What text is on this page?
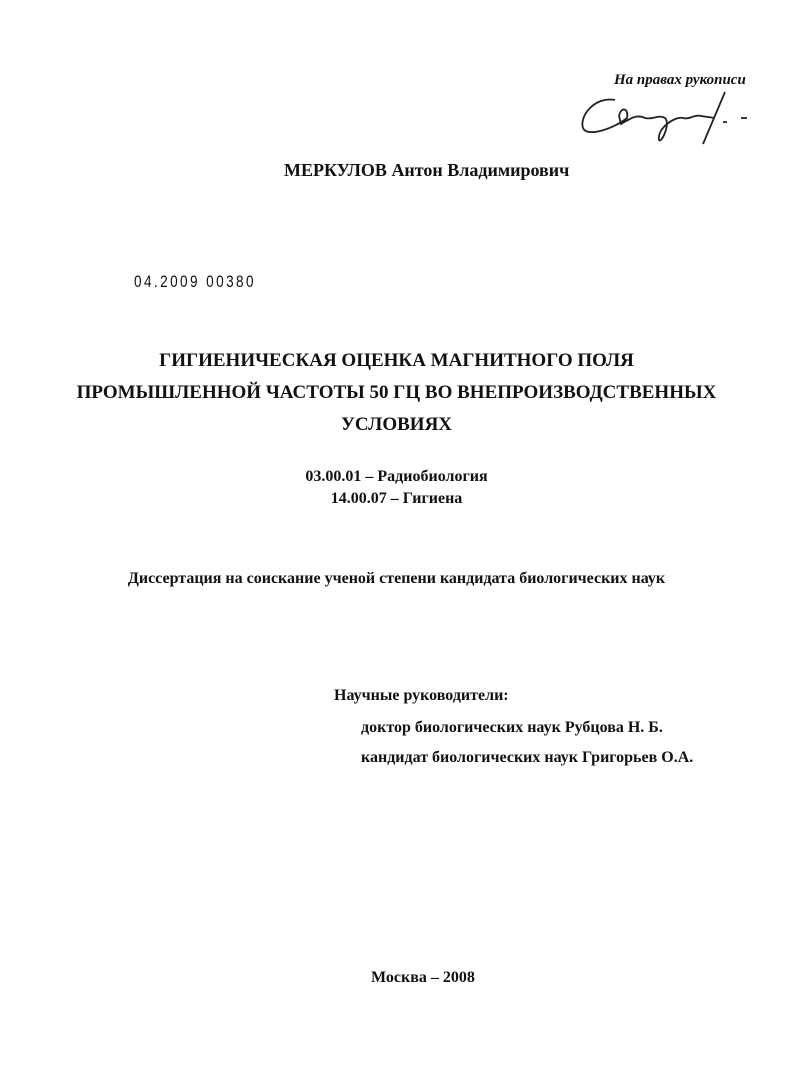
На правах рукописи
МЕРКУЛОВ Антон Владимирович
04.2009 00380
ГИГИЕНИЧЕСКАЯ ОЦЕНКА МАГНИТНОГО ПОЛЯ
ПРОМЫШЛЕННОЙ ЧАСТОТЫ 50 ГЦ ВО ВНЕПРОИЗВОДСТВЕННЫХ
УСЛОВИЯХ
03.00.01 – Радиобиология
14.00.07 – Гигиена
Диссертация на соискание ученой степени кандидата биологических наук
Научные руководители:
доктор биологических наук Рубцова Н. Б.
кандидат биологических наук Григорьев О.А.
Москва – 2008
